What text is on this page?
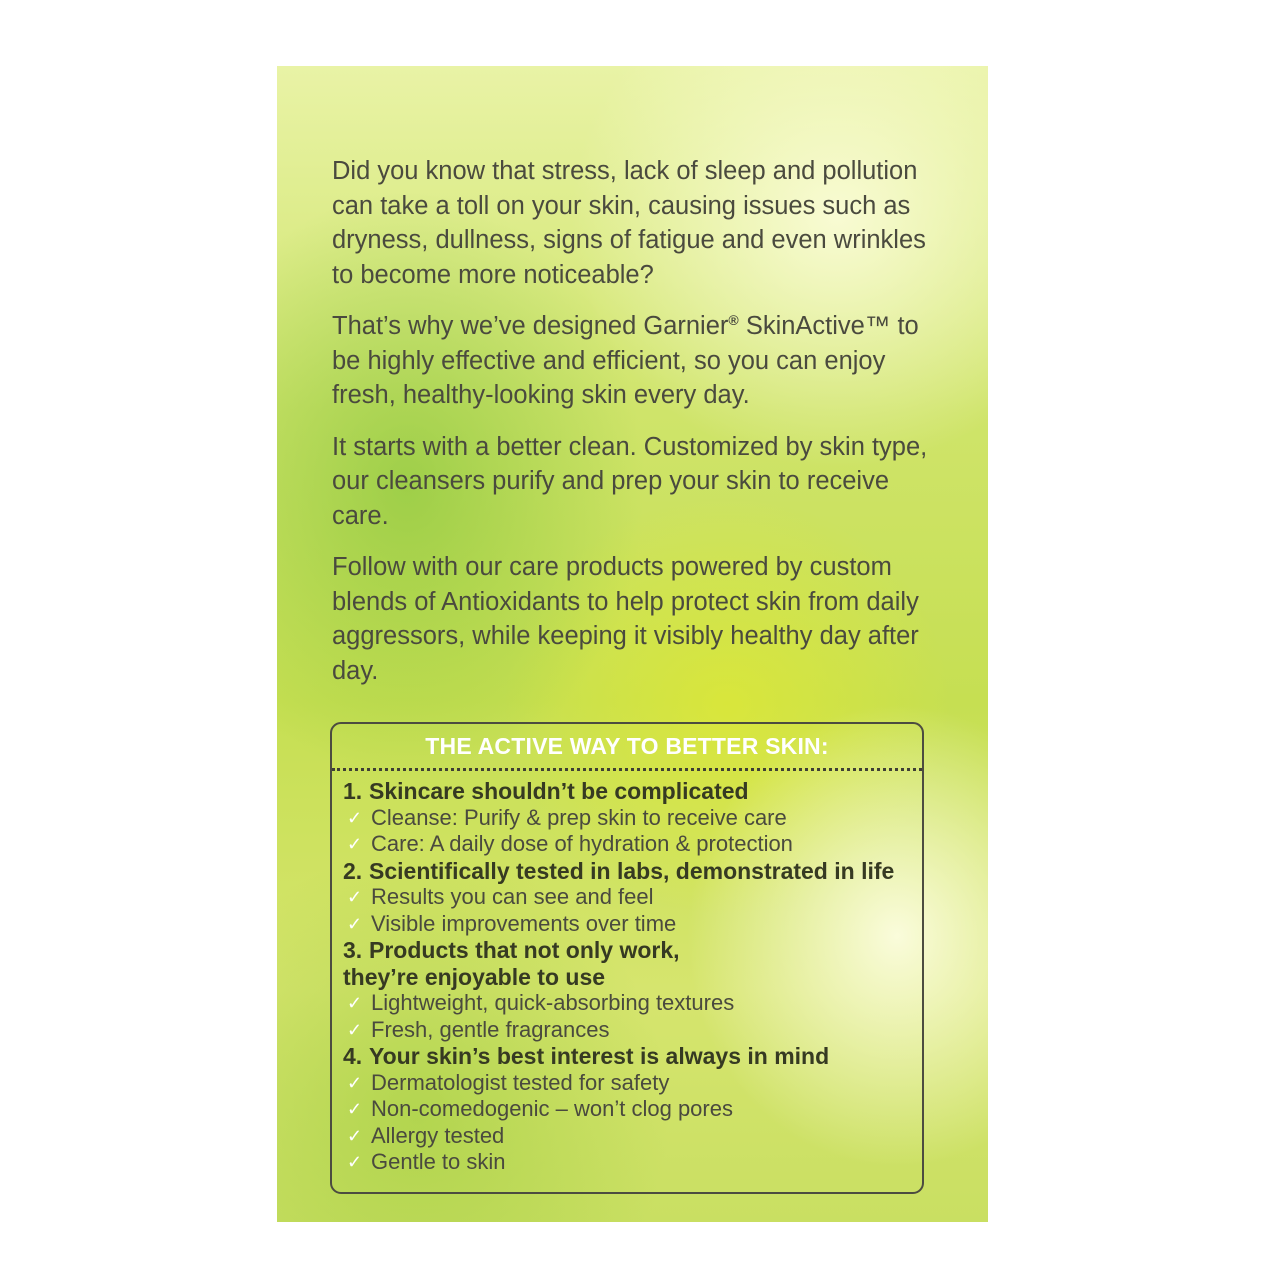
Did you know that stress, lack of sleep and pollution can take a toll on your skin, causing issues such as dryness, dullness, signs of fatigue and even wrinkles to become more noticeable?

That’s why we’ve designed Garnier® SkinActive™ to be highly effective and efficient, so you can enjoy fresh, healthy-looking skin every day.

It starts with a better clean. Customized by skin type, our cleansers purify and prep your skin to receive care.

Follow with our care products powered by custom blends of Antioxidants to help protect skin from daily aggressors, while keeping it visibly healthy day after day.

THE ACTIVE WAY TO BETTER SKIN:
1. Skincare shouldn’t be complicated
✓ Cleanse: Purify & prep skin to receive care
✓ Care: A daily dose of hydration & protection
2. Scientifically tested in labs, demonstrated in life
✓ Results you can see and feel
✓ Visible improvements over time
3. Products that not only work,
they’re enjoyable to use
✓ Lightweight, quick-absorbing textures
✓ Fresh, gentle fragrances
4. Your skin’s best interest is always in mind
✓ Dermatologist tested for safety
✓ Non-comedogenic – won’t clog pores
✓ Allergy tested
✓ Gentle to skin
